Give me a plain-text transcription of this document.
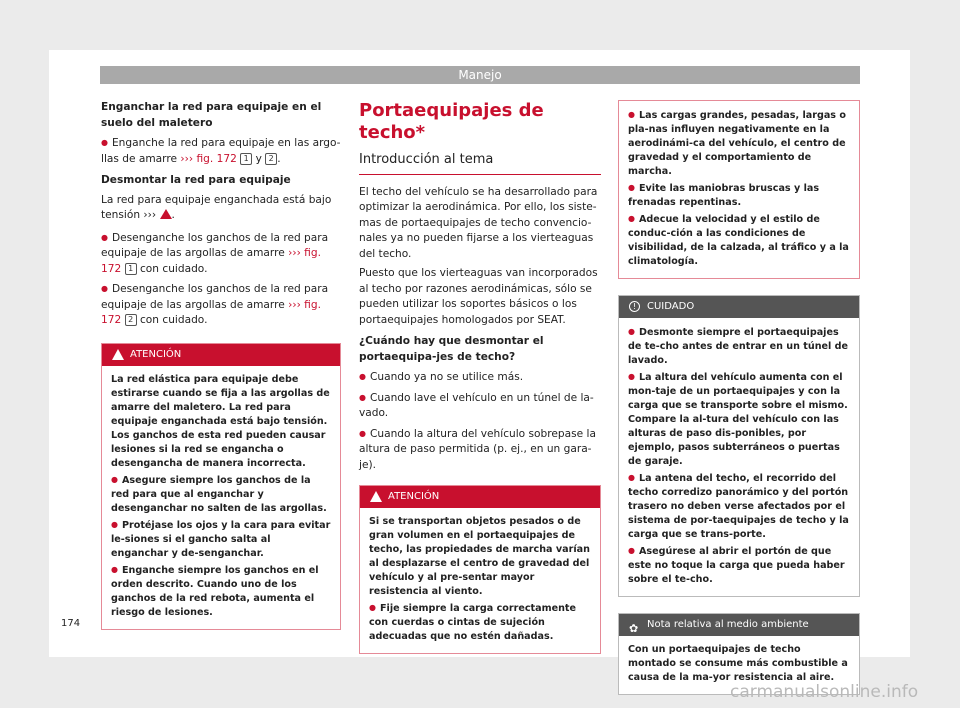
Manejo
Enganchar la red para equipaje en el suelo del maletero

● Enganche la red para equipaje en las argo-llas de amarre ››› fig. 172 1 y 2 .

Desmontar la red para equipaje

La red para equipaje enganchada está bajo tensión ››› .

● Desenganche los ganchos de la red para equipaje de las argollas de amarre ››› fig. 172 1 con cuidado.

● Desenganche los ganchos de la red para equipaje de las argollas de amarre ››› fig. 172 2 con cuidado.

ATENCIÓN

La red elástica para equipaje debe estirarse cuando se fija a las argollas de amarre del maletero. La red para equipaje enganchada está bajo tensión. Los ganchos de esta red pueden causar lesiones si la red se engancha o desengancha de manera incorrecta.

● Asegure siempre los ganchos de la red para que al enganchar y desenganchar no salten de las argollas.

● Protéjase los ojos y la cara para evitar le-siones si el gancho salta al enganchar y de-senganchar.

● Enganche siempre los ganchos en el orden descrito. Cuando uno de los ganchos de la red rebota, aumenta el riesgo de lesiones.

Portaequipajes de techo*
Introducción al tema

El techo del vehículo se ha desarrollado para optimizar la aerodinámica. Por ello, los siste-mas de portaequipajes de techo convencio-nales ya no pueden fijarse a los vierteaguas del techo.

Puesto que los vierteaguas van incorporados al techo por razones aerodinámicas, sólo se pueden utilizar los soportes básicos o los portaequipajes homologados por SEAT.

¿Cuándo hay que desmontar el portaequipa-jes de techo?

● Cuando ya no se utilice más.

● Cuando lave el vehículo en un túnel de la-vado.

● Cuando la altura del vehículo sobrepase la altura de paso permitida (p. ej., en un gara-je).

ATENCIÓN

Si se transportan objetos pesados o de gran volumen en el portaequipajes de techo, las propiedades de marcha varían al desplazarse el centro de gravedad del vehículo y al pre-sentar mayor resistencia al viento.

● Fije siempre la carga correctamente con cuerdas o cintas de sujeción adecuadas que no estén dañadas.

● Las cargas grandes, pesadas, largas o pla-nas influyen negativamente en la aerodinámi-ca del vehículo, el centro de gravedad y el comportamiento de marcha.

● Evite las maniobras bruscas y las frenadas repentinas.

● Adecue la velocidad y el estilo de conduc-ción a las condiciones de visibilidad, de la calzada, al tráfico y a la climatología.

!	CUIDADO

● Desmonte siempre el portaequipajes de te-cho antes de entrar en un túnel de lavado.

● La altura del vehículo aumenta con el mon-taje de un portaequipajes y con la carga que se transporte sobre el mismo. Compare la al-tura del vehículo con las alturas de paso dis-ponibles, por ejemplo, pasos subterráneos o puertas de garaje.

● La antena del techo, el recorrido del techo corredizo panorámico y del portón trasero no deben verse afectados por el sistema de por-taequipajes de techo y la carga que se trans-porte.

● Asegúrese al abrir el portón de que este no toque la carga que pueda haber sobre el te-cho.

✿ Nota relativa al medio ambiente

Con un portaequipajes de techo montado se consume más combustible a causa de la ma-yor resistencia al aire.

174
carmanualsonline.info
